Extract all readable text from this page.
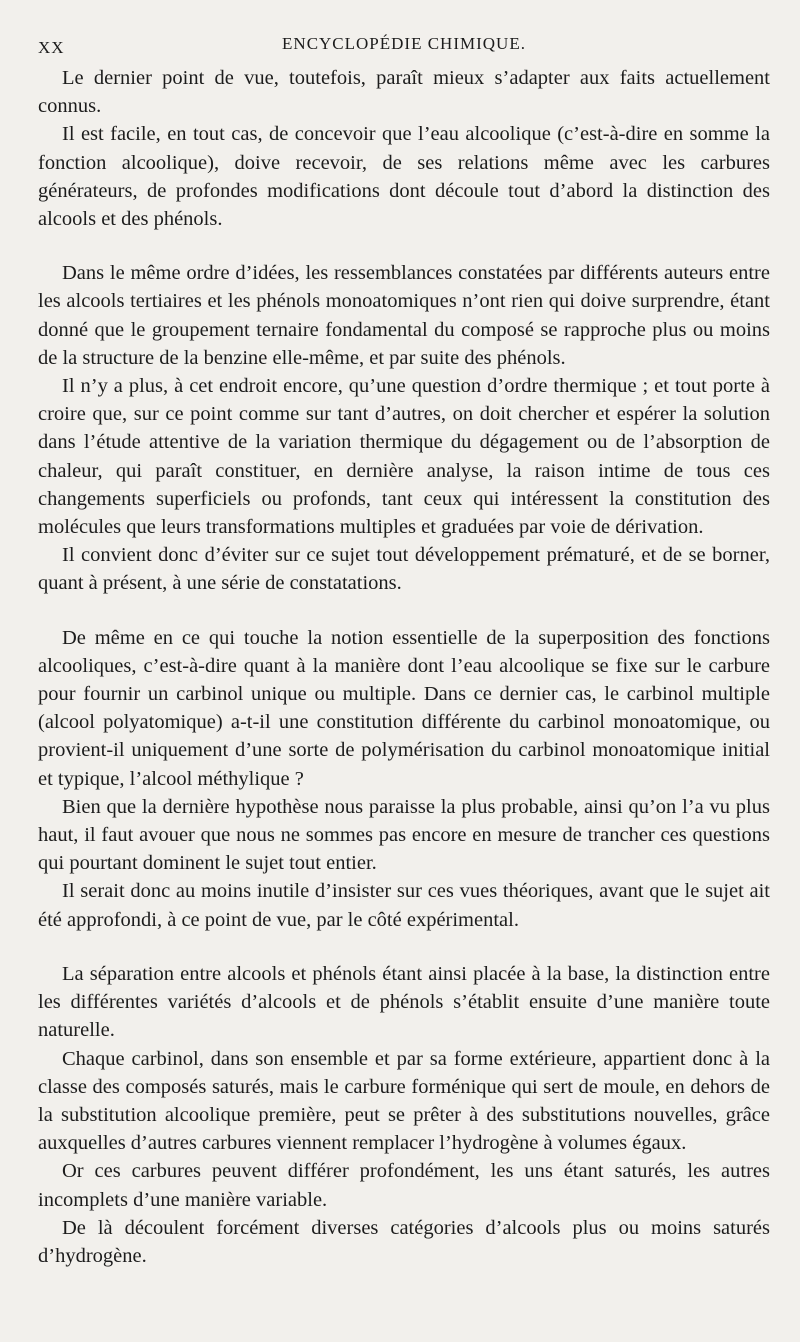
XX	ENCYCLOPÉDIE CHIMIQUE.

Le dernier point de vue, toutefois, paraît mieux s’adapter aux faits actuellement connus.

Il est facile, en tout cas, de concevoir que l’eau alcoolique (c’est-à-dire en somme la fonction alcoolique), doive recevoir, de ses relations même avec les carbures générateurs, de profondes modifications dont découle tout d’abord la distinction des alcools et des phénols.

Dans le même ordre d’idées, les ressemblances constatées par différents auteurs entre les alcools tertiaires et les phénols monoatomiques n’ont rien qui doive surprendre, étant donné que le groupement ternaire fondamental du composé se rapproche plus ou moins de la structure de la benzine elle-même, et par suite des phénols.

Il n’y a plus, à cet endroit encore, qu’une question d’ordre thermique ; et tout porte à croire que, sur ce point comme sur tant d’autres, on doit chercher et espérer la solution dans l’étude attentive de la variation thermique du dégagement ou de l’absorption de chaleur, qui paraît constituer, en dernière analyse, la raison intime de tous ces changements superficiels ou profonds, tant ceux qui intéressent la constitution des molécules que leurs transformations multiples et graduées par voie de dérivation.

Il convient donc d’éviter sur ce sujet tout développement prématuré, et de se borner, quant à présent, à une série de constatations.

De même en ce qui touche la notion essentielle de la superposition des fonctions alcooliques, c’est-à-dire quant à la manière dont l’eau alcoolique se fixe sur le carbure pour fournir un carbinol unique ou multiple. Dans ce dernier cas, le carbinol multiple (alcool polyatomique) a-t-il une constitution différente du carbinol monoatomique, ou provient-il uniquement d’une sorte de polymérisation du carbinol monoatomique initial et typique, l’alcool méthylique ?

Bien que la dernière hypothèse nous paraisse la plus probable, ainsi qu’on l’a vu plus haut, il faut avouer que nous ne sommes pas encore en mesure de trancher ces questions qui pourtant dominent le sujet tout entier.

Il serait donc au moins inutile d’insister sur ces vues théoriques, avant que le sujet ait été approfondi, à ce point de vue, par le côté expérimental.

La séparation entre alcools et phénols étant ainsi placée à la base, la distinction entre les différentes variétés d’alcools et de phénols s’établit ensuite d’une manière toute naturelle.

Chaque carbinol, dans son ensemble et par sa forme extérieure, appartient donc à la classe des composés saturés, mais le carbure forménique qui sert de moule, en dehors de la substitution alcoolique première, peut se prêter à des substitutions nouvelles, grâce auxquelles d’autres carbures viennent remplacer l’hydrogène à volumes égaux.

Or ces carbures peuvent différer profondément, les uns étant saturés, les autres incomplets d’une manière variable.

De là découlent forcément diverses catégories d’alcools plus ou moins saturés d’hydrogène.
